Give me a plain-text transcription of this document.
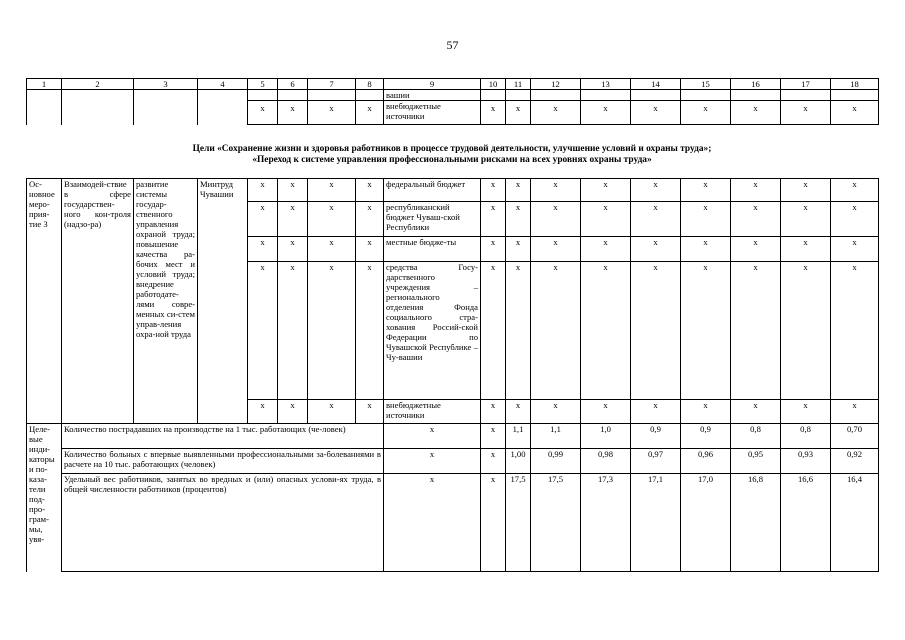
57
1	2	3	4	5	6	7	8	9	10	11	12	13	14	15	16	17	18
								вашии									
				x	x	x	x	внебюджетные источники	x	x	x	x	x	x	x	x	x
Цели «Сохранение жизни и здоровья работников в процессе трудовой деятельности, улучшение условий и охраны труда»;
«Переход к системе управления профессиональными рисками на всех уровнях охраны труда»
Ос-новное меро-прия-тие 3	Взаимодей-ствие в сфере государствен-ного кон-троля (надзо-ра)	развитие системы государ-ственного управления охраной труда; повышение качества ра-бочих мест и условий труда; внедрение работодате-лями совре-менных си-стем управ-ления охра-ной труда	Минтруд Чувашии	x	x	x	x	федеральный бюджет	x	x	x	x	x	x	x	x	x
				x	x	x	x	республиканский бюджет Чуваш-ской Республики	x	x	x	x	x	x	x	x	x
				x	x	x	x	местные бюдже-ты	x	x	x	x	x	x	x	x	x
				x	x	x	x	средства Госу-дарственного учреждения – регионального отделения Фонда социального стра-хования Россий-ской Федерации по Чувашской Республике – Чу-вашии	x	x	x	x	x	x	x	x	x
				x	x	x	x	внебюджетные источники	x	x	x	x	x	x	x	x	x
Целе-вые инди-каторы и по-каза-тели под-про-грам-мы, увя-	Количество пострадавших на производстве на 1 тыс. работающих (че-ловек)							x	x	1,1	1,1	1,0	0,9	0,9	0,8	0,8	0,70
	Количество больных с впервые выявленными профессиональными за-болеваниями в расчете на 10 тыс. работающих (человек)							x	x	1,00	0,99	0,98	0,97	0,96	0,95	0,93	0,92
	Удельный вес работников, занятых во вредных и (или) опасных услови-ях труда, в общей численности работников (процентов)							x	x	17,5	17,5	17,3	17,1	17,0	16,8	16,6	16,4
